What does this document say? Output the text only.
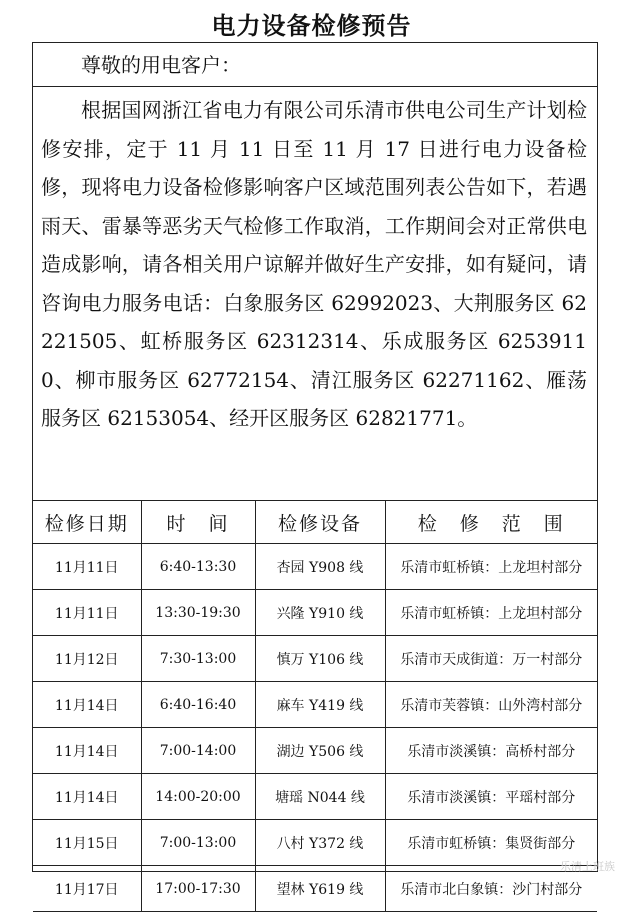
电力设备检修预告
尊敬的用电客户：
根据国网浙江省电力有限公司乐清市供电公司生产计划检修安排，定于 11 月 11 日至 11 月 17 日进行电力设备检修，现将电力设备检修影响客户区域范围列表公告如下，若遇雨天、雷暴等恶劣天气检修工作取消，工作期间会对正常供电造成影响，请各相关用户谅解并做好生产安排，如有疑问，请咨询电力服务电话：白象服务区 62992023、大荆服务区 62221505、虹桥服务区 62312314、乐成服务区 62539110、柳市服务区 62772154、清江服务区 62271162、雁荡服务区 62153054、经开区服务区 62821771。
检修日期	时　间	检修设备	检　修　范　围
11月11日	6:40-13:30	杏园 Y908 线	乐清市虹桥镇：上龙坦村部分
11月11日	13:30-19:30	兴隆 Y910 线	乐清市虹桥镇：上龙坦村部分
11月12日	7:30-13:00	慎万 Y106 线	乐清市天成街道：万一村部分
11月14日	6:40-16:40	麻车 Y419 线	乐清市芙蓉镇：山外湾村部分
11月14日	7:00-14:00	湖边 Y506 线	乐清市淡溪镇：高桥村部分
11月14日	14:00-20:00	塘瑶 N044 线	乐清市淡溪镇：平瑶村部分
11月15日	7:00-13:00	八村 Y372 线	乐清市虹桥镇：集贤街部分
11月17日	17:00-17:30	望林 Y619 线	乐清市北白象镇：沙门村部分
乐清上班族
